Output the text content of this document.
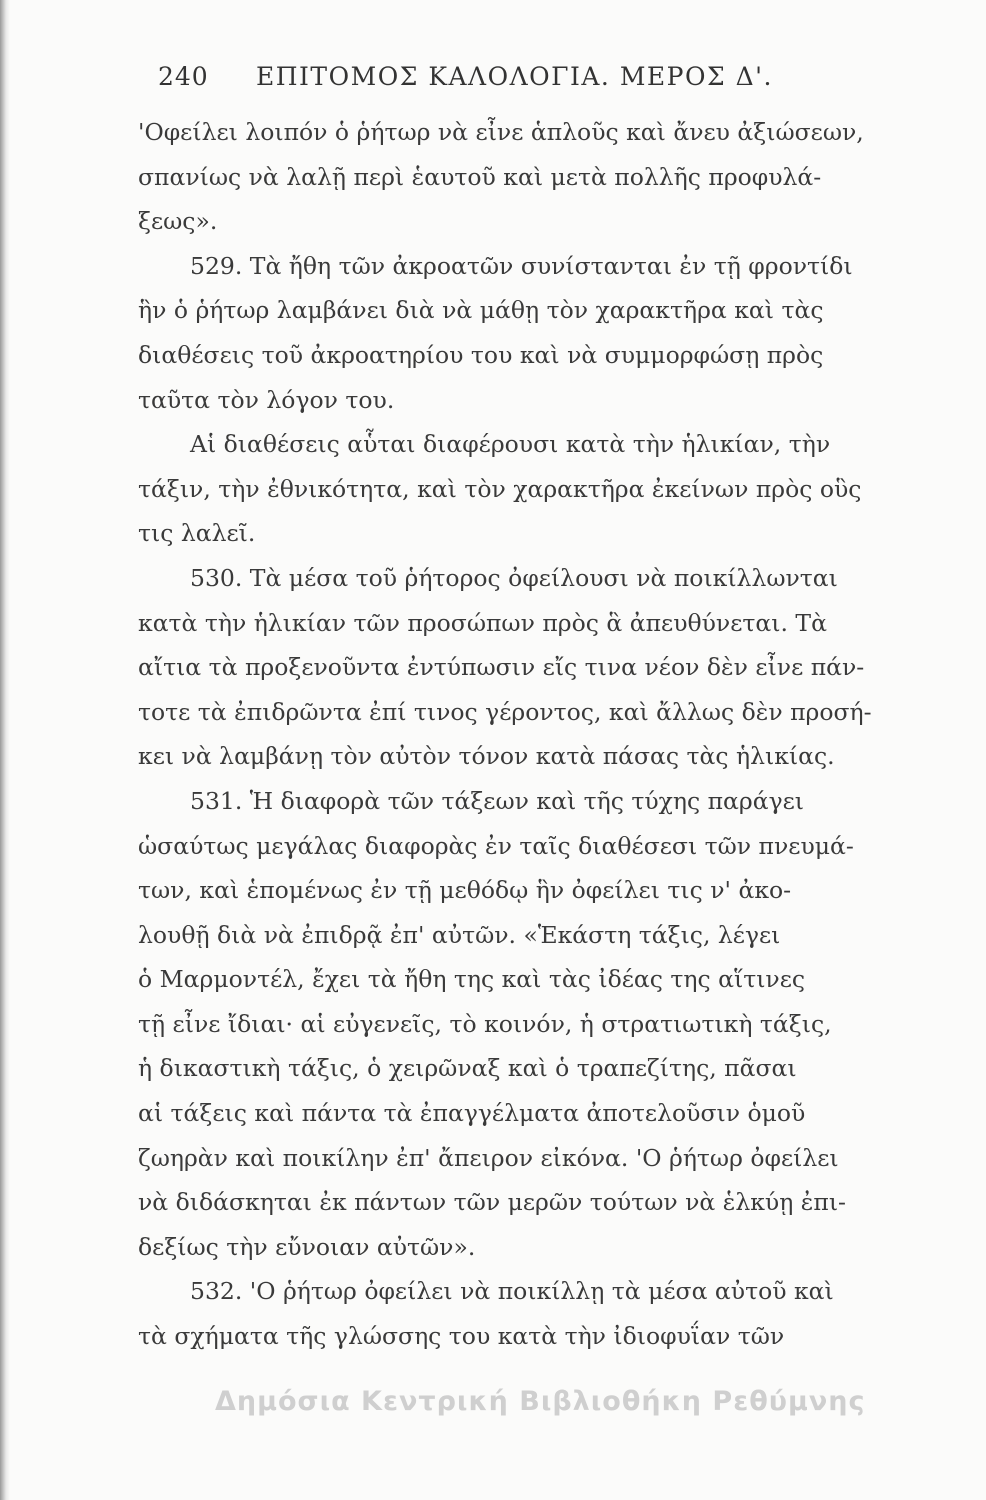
240 ΕΠΙΤΟΜΟΣ ΚΑΛΟΛΟΓΙΑ. ΜΕΡΟΣ Δ'.
'Οφείλει λοιπόν ὁ ῥήτωρ νὰ εἶνε ἁπλοῦς καὶ ἄνευ ἀξιώσεων,
σπανίως νὰ λαλῇ περὶ ἑαυτοῦ καὶ μετὰ πολλῆς προφυλά-
ξεως».
529. Τὰ ἤθη τῶν ἀκροατῶν συνίστανται ἐν τῇ φροντίδι
ἣν ὁ ῥήτωρ λαμβάνει διὰ νὰ μάθῃ τὸν χαρακτῆρα καὶ τὰς
διαθέσεις τοῦ ἀκροατηρίου του καὶ νὰ συμμορφώσῃ πρὸς
ταῦτα τὸν λόγον του.
Αἱ διαθέσεις αὗται διαφέρουσι κατὰ τὴν ἡλικίαν, τὴν
τάξιν, τὴν ἐθνικότητα, καὶ τὸν χαρακτῆρα ἐκείνων πρὸς οὓς
τις λαλεῖ.
530. Τὰ μέσα τοῦ ῥήτορος ὀφείλουσι νὰ ποικίλλωνται
κατὰ τὴν ἡλικίαν τῶν προσώπων πρὸς ἃ ἀπευθύνεται. Τὰ
αἴτια τὰ προξενοῦντα ἐντύπωσιν εἴς τινα νέον δὲν εἶνε πάν-
τοτε τὰ ἐπιδρῶντα ἐπί τινος γέροντος, καὶ ἄλλως δὲν προσή-
κει νὰ λαμβάνῃ τὸν αὐτὸν τόνον κατὰ πάσας τὰς ἡλικίας.
531. Ἡ διαφορὰ τῶν τάξεων καὶ τῆς τύχης παράγει
ὡσαύτως μεγάλας διαφορὰς ἐν ταῖς διαθέσεσι τῶν πνευμά-
των, καὶ ἑπομένως ἐν τῇ μεθόδῳ ἣν ὀφείλει τις ν' ἀκο-
λουθῇ διὰ νὰ ἐπιδρᾷ ἐπ' αὐτῶν. «Ἑκάστη τάξις, λέγει
ὁ Μαρμοντέλ, ἔχει τὰ ἤθη της καὶ τὰς ἰδέας της αἵτινες
τῇ εἶνε ἴδιαι· αἱ εὐγενεῖς, τὸ κοινόν, ἡ στρατιωτικὴ τάξις,
ἡ δικαστικὴ τάξις, ὁ χειρῶναξ καὶ ὁ τραπεζίτης, πᾶσαι
αἱ τάξεις καὶ πάντα τὰ ἐπαγγέλματα ἀποτελοῦσιν ὁμοῦ
ζωηρὰν καὶ ποικίλην ἐπ' ἄπειρον εἰκόνα. 'Ο ῥήτωρ ὀφείλει
νὰ διδάσκηται ἐκ πάντων τῶν μερῶν τούτων νὰ ἑλκύῃ ἐπι-
δεξίως τὴν εὔνοιαν αὐτῶν».
532. 'Ο ῥήτωρ ὀφείλει νὰ ποικίλλῃ τὰ μέσα αὐτοῦ καὶ
τὰ σχήματα τῆς γλώσσης του κατὰ τὴν ἰδιοφυΐαν τῶν
Δημόσια Κεντρική Βιβλιοθήκη Ρεθύμνης
